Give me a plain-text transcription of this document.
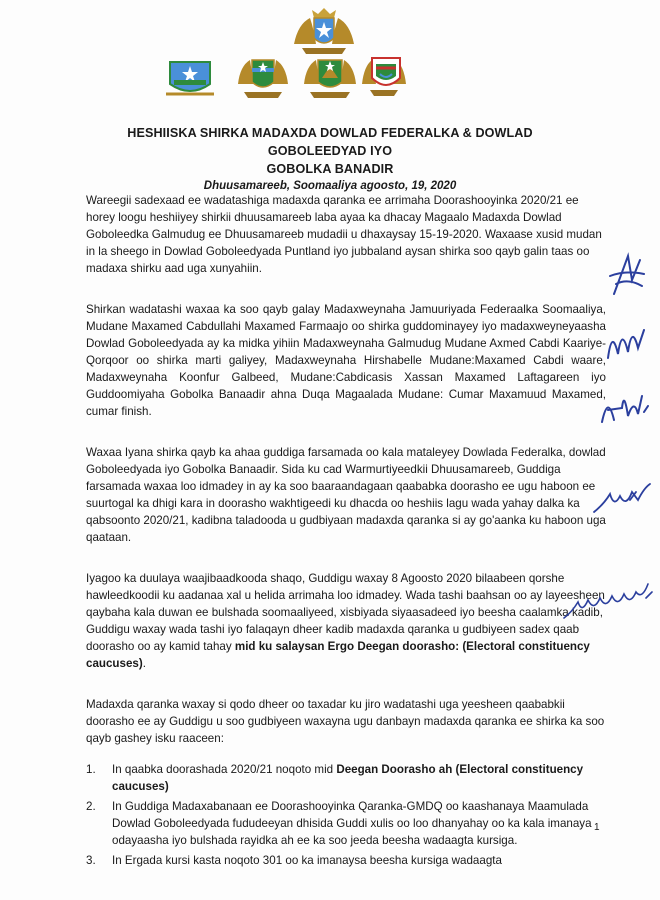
HESHIISKA SHIRKA MADAXDA DOWLAD FEDERALKA & DOWLAD GOBOLEEDYAD IYO

GOBOLKA BANADIR

Dhuusamareeb, Soomaaliya agoosto, 19, 2020

Wareegii sadexaad ee wadatashiga madaxda qaranka ee arrimaha Doorashooyinka 2020/21 ee horey loogu heshiiyey shirkii dhuusamareeb laba ayaa ka dhacay Magaalo Madaxda Dowlad Goboleedka Galmudug ee Dhuusamareeb mudadii u dhaxaysay 15-19-2020. Waxaase xusid mudan in la sheego in Dowlad Goboleedyada Puntland iyo jubbaland aysan shirka soo qayb galin taas oo madaxa shirku aad uga xunyahiin.

Shirkan wadatashi waxaa ka soo qayb galay Madaxweynaha Jamuuriyada Federaalka Soomaaliya, Mudane Maxamed Cabdullahi Maxamed Farmaajo oo shirka guddominayey iyo madaxweyneyaasha Dowlad Goboleedyada ay ka midka yihiin Madaxweynaha Galmudug Mudane Axmed Cabdi Kaariye-Qorqoor oo shirka marti galiyey, Madaxweynaha Hirshabelle Mudane:Maxamed Cabdi waare, Madaxweynaha Koonfur Galbeed, Mudane:Cabdicasis Xassan Maxamed Laftagareen iyo Guddoomiyaha Gobolka Banaadir ahna Duqa Magaalada Mudane: Cumar Maxamuud Maxamed, cumar finish.

Waxaa Iyana shirka qayb ka ahaa guddiga farsamada oo kala mataleyey Dowlada Federalka, dowlad Goboleedyada iyo Gobolka Banaadir. Sida ku cad Warmurtiyeedkii Dhuusamareeb, Guddiga farsamada waxaa loo idmadey in ay ka soo baaraandagaan qaababka doorasho ee ugu haboon ee suurtogal ka dhigi kara in doorasho wakhtigeedi ku dhacda oo heshiis lagu wada yahay dalka ka qabsoonto 2020/21, kadibna taladooda u gudbiyaan madaxda qaranka si ay go'aanka ku haboon uga qaataan.

Iyagoo ka duulaya waajibaadkooda shaqo, Guddigu waxay 8 Agoosto 2020 bilaabeen qorshe hawleedkoodii ku aadanaa xal u helida arrimaha loo idmadey. Wada tashi baahsan oo ay layeesheen qaybaha kala duwan ee bulshada soomaaliyeed, xisbiyada siyaasadeed iyo beesha caalamka kadib, Guddigu waxay wada tashi iyo falaqayn dheer kadib madaxda qaranka u gudbiyeen sadex qaab doorasho oo ay kamid tahay mid ku salaysan Ergo Deegan doorasho: (Electoral constituency caucuses).

Madaxda qaranka waxay si qodo dheer oo taxadar ku jiro wadatashi uga yeesheen qaababkii doorasho ee ay Guddigu u soo gudbiyeen waxayna ugu danbayn madaxda qaranka ee shirka ka soo qayb gashey isku raaceen:

1. In qaabka doorashada 2020/21 noqoto mid Deegan Doorasho ah (Electoral constituency caucuses)
2. In Guddiga Madaxabanaan ee Doorashooyinka Qaranka-GMDQ oo kaashanaya Maamulada Dowlad Goboleedyada fududeeyan dhisida Guddi xulis oo loo dhanyahay oo ka kala imanaya odayaasha iyo bulshada rayidka ah ee ka soo jeeda beesha wadaagta kursiga.
3. In Ergada kursi kasta noqoto 301 oo ka imanaysa beesha kursiga wadaagta
1
